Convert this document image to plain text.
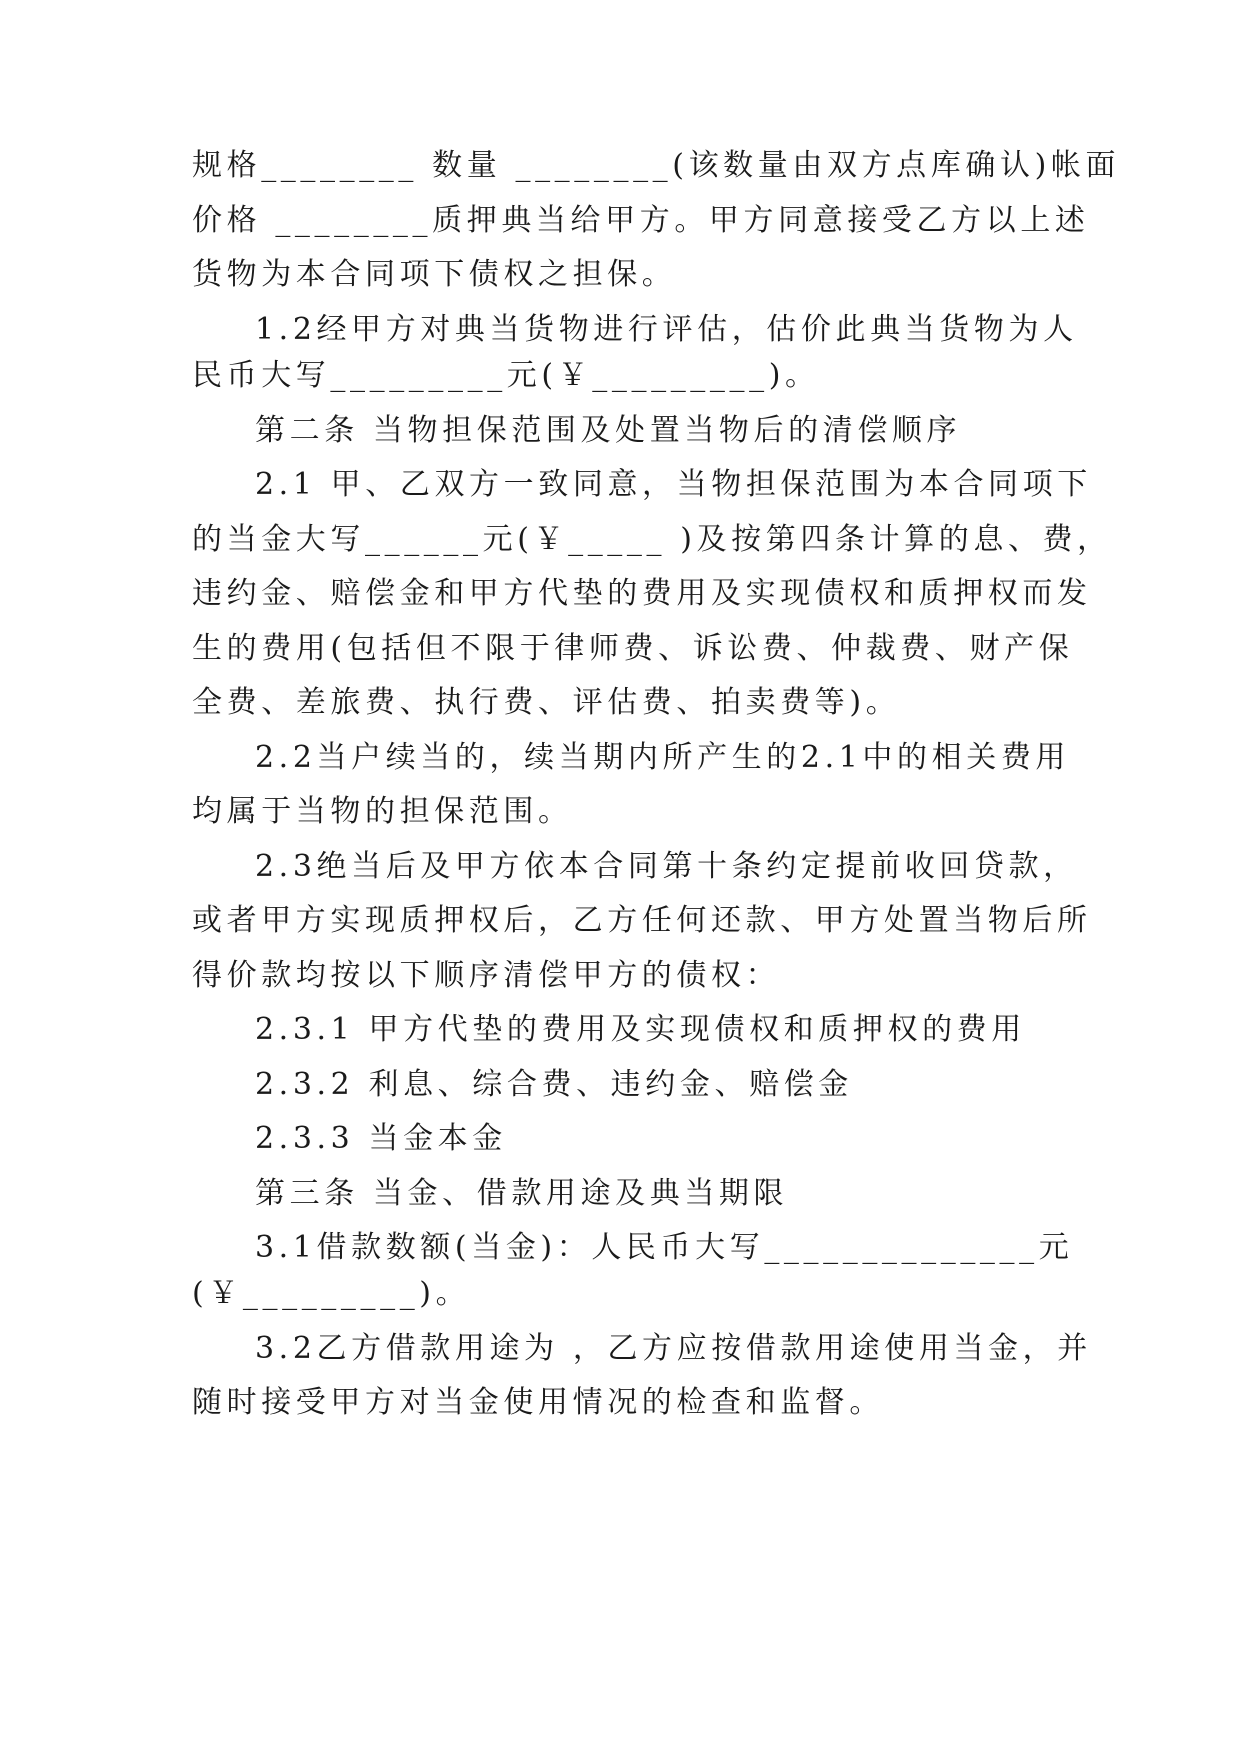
规格________ 数量 ________(该数量由双方点库确认)帐面
价格 ________质押典当给甲方。甲方同意接受乙方以上述
货物为本合同项下债权之担保。
1.2经甲方对典当货物进行评估，估价此典当货物为人
民币大写_________元(￥_________)。
第二条 当物担保范围及处置当物后的清偿顺序
2.1 甲、乙双方一致同意，当物担保范围为本合同项下
的当金大写______元(￥_____ )及按第四条计算的息、费，
违约金、赔偿金和甲方代垫的费用及实现债权和质押权而发
生的费用(包括但不限于律师费、诉讼费、仲裁费、财产保
全费、差旅费、执行费、评估费、拍卖费等)。
2.2当户续当的，续当期内所产生的2.1中的相关费用
均属于当物的担保范围。
2.3绝当后及甲方依本合同第十条约定提前收回贷款，
或者甲方实现质押权后，乙方任何还款、甲方处置当物后所
得价款均按以下顺序清偿甲方的债权：
2.3.1 甲方代垫的费用及实现债权和质押权的费用
2.3.2 利息、综合费、违约金、赔偿金
2.3.3 当金本金
第三条 当金、借款用途及典当期限
3.1借款数额(当金)：人民币大写______________元
(￥_________)。
3.2乙方借款用途为 ，乙方应按借款用途使用当金，并
随时接受甲方对当金使用情况的检查和监督。
